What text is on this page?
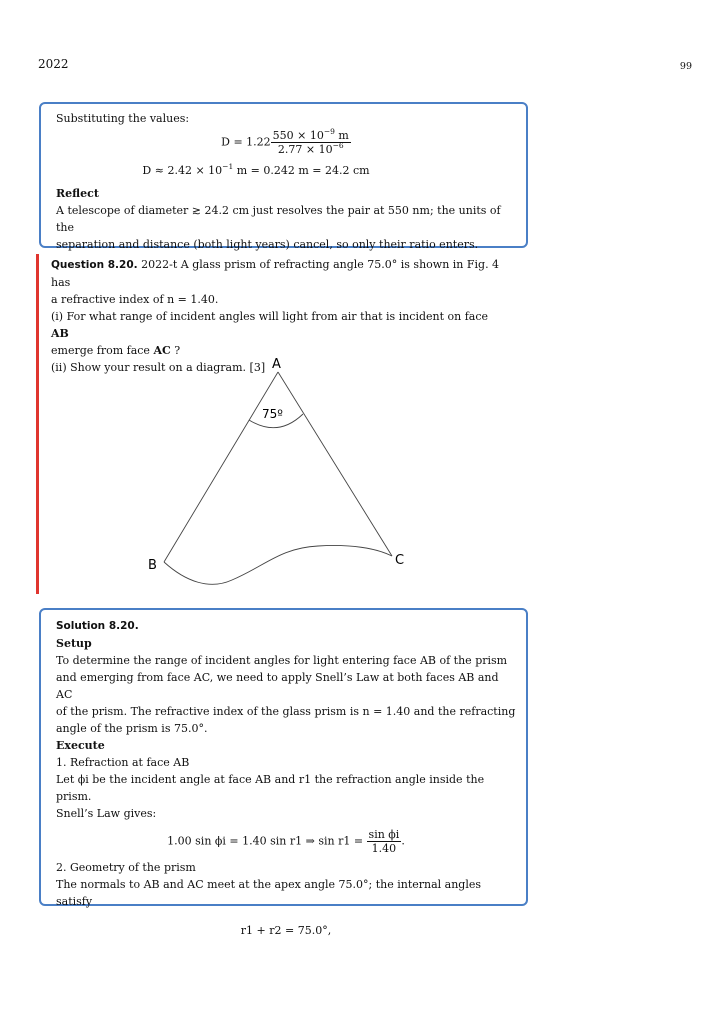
2022	99

Substituting the values:

$D = 1.22 \frac{550 \times 10^{-9} m}{2.77 \times 10^{-6}}$
$D \approx 2.42 \times 10^{-1}$ m = 0.242 m = 24.2 cm
Reflect

A telescope of diameter ≳ 24.2 cm just resolves the pair at 550 nm; the units of the

separation and distance (both light years) cancel, so only their ratio enters.

Question 8.20. 2022-t A glass prism of refracting angle 75.0° is shown in Fig. 4 has

a refractive index of n = 1.40.

(i) For what range of incident angles will light from air that is incident on face AB

emerge from face AC ?

(ii) Show your result on a diagram. [3] A
B	C
75º
Solution 8.20.
Setup

To determine the range of incident angles for light entering face AB of the prism

and emerging from face AC, we need to apply Snell’s Law at both faces AB and AC

of the prism. The refractive index of the glass prism is n = 1.40 and the refracting

angle of the prism is 75.0°.

Execute

1. Refraction at face AB

Let ϕi be the incident angle at face AB and r1 the refraction angle inside the prism.

Snell’s Law gives:

1.00 sin ϕi = 1.40 sin r1 ⇒ $\sin r1 = \frac{\text{sin ϕi}}{1.40}$ .

2. Geometry of the prism

The normals to AB and AC meet at the apex angle 75.0°; the internal angles satisfy

r1 + r2 = 75.0°,
